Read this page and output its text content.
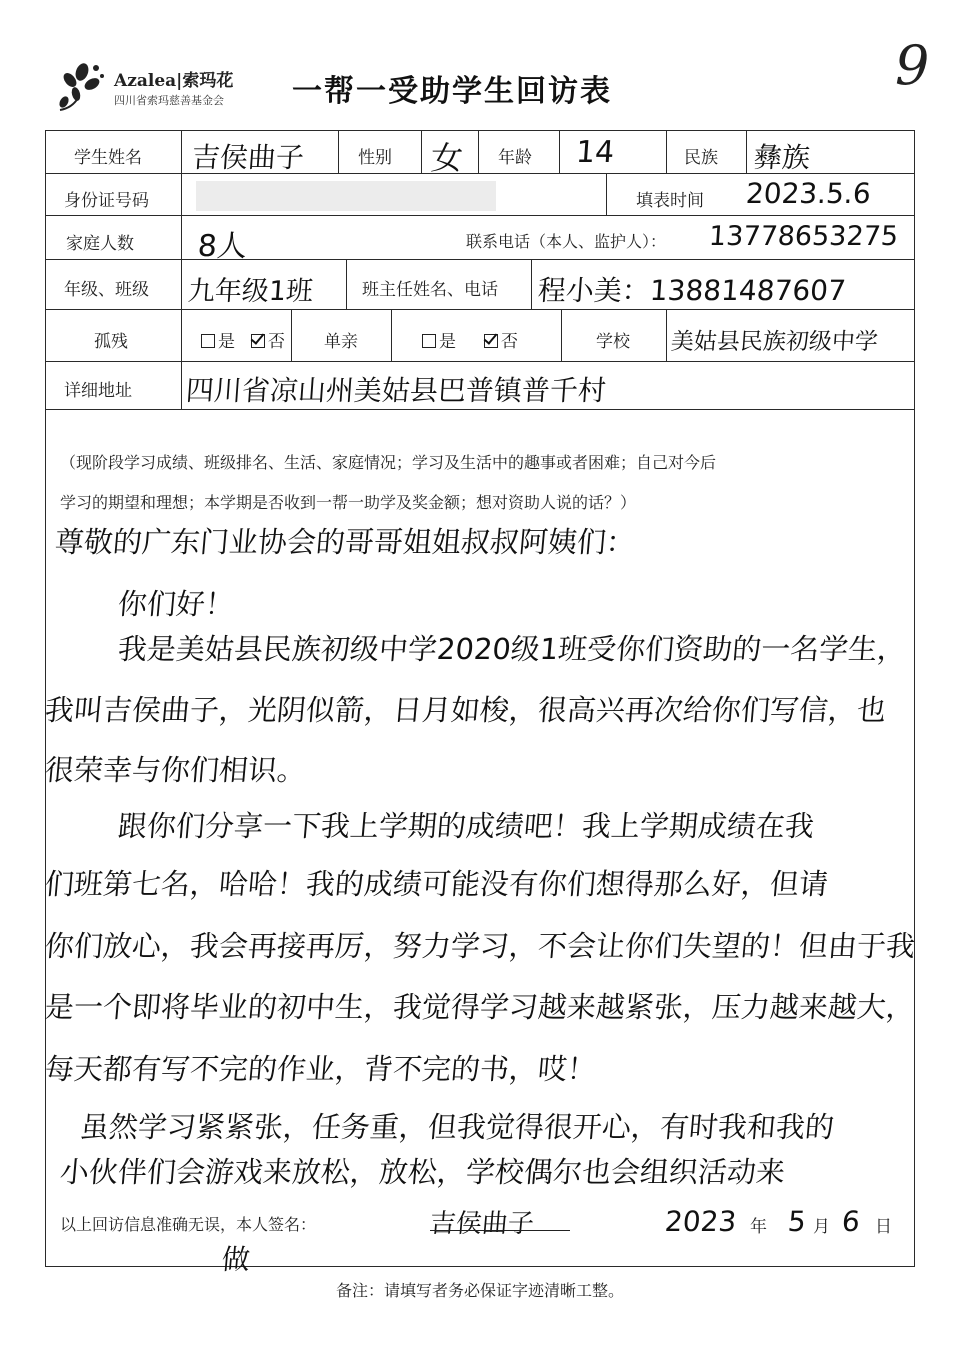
9
Azalea|索玛花
四川省索玛慈善基金会 一帮一受助学生回访表
学生姓名 吉侯曲子	性别 女 年龄 14	民族 彝族
身份证号码	填表时间 2023.5.6
家庭人数 8人	联系电话（本人、监护人）： 13778653275
年级、班级 九年级1班	班主任姓名、电话 程小美：13881487607
孤残	是	否 单亲	是	否	学校 美姑县民族初级中学
详细地址 四川省凉山州美姑县巴普镇普千村
（现阶段学习成绩、班级排名、生活、家庭情况；学习及生活中的趣事或者困难；自己对今后
学习的期望和理想；本学期是否收到一帮一助学及奖金额；想对资助人说的话？）
尊敬的广东门业协会的哥哥姐姐叔叔阿姨们：
你们好！
我是美姑县民族初级中学2020级1班受你们资助的一名学生，
我叫吉侯曲子，光阴似箭，日月如梭，很高兴再次给你们写信，也
很荣幸与你们相识。
跟你们分享一下我上学期的成绩吧！我上学期成绩在我
们班第七名，哈哈！我的成绩可能没有你们想得那么好，但请
你们放心，我会再接再厉，努力学习，不会让你们失望的！但由于我
是一个即将毕业的初中生，我觉得学习越来越紧张，压力越来越大，
每天都有写不完的作业，背不完的书，哎！
虽然学习紧紧张，任务重，但我觉得很开心，有时我和我的
小伙伴们会游戏来放松，放松，学校偶尔也会组织活动来
以上回访信息准确无误，本人签名：	吉侯曲子
做
2023 年 5 月 6 日
备注：请填写者务必保证字迹清晰工整。
